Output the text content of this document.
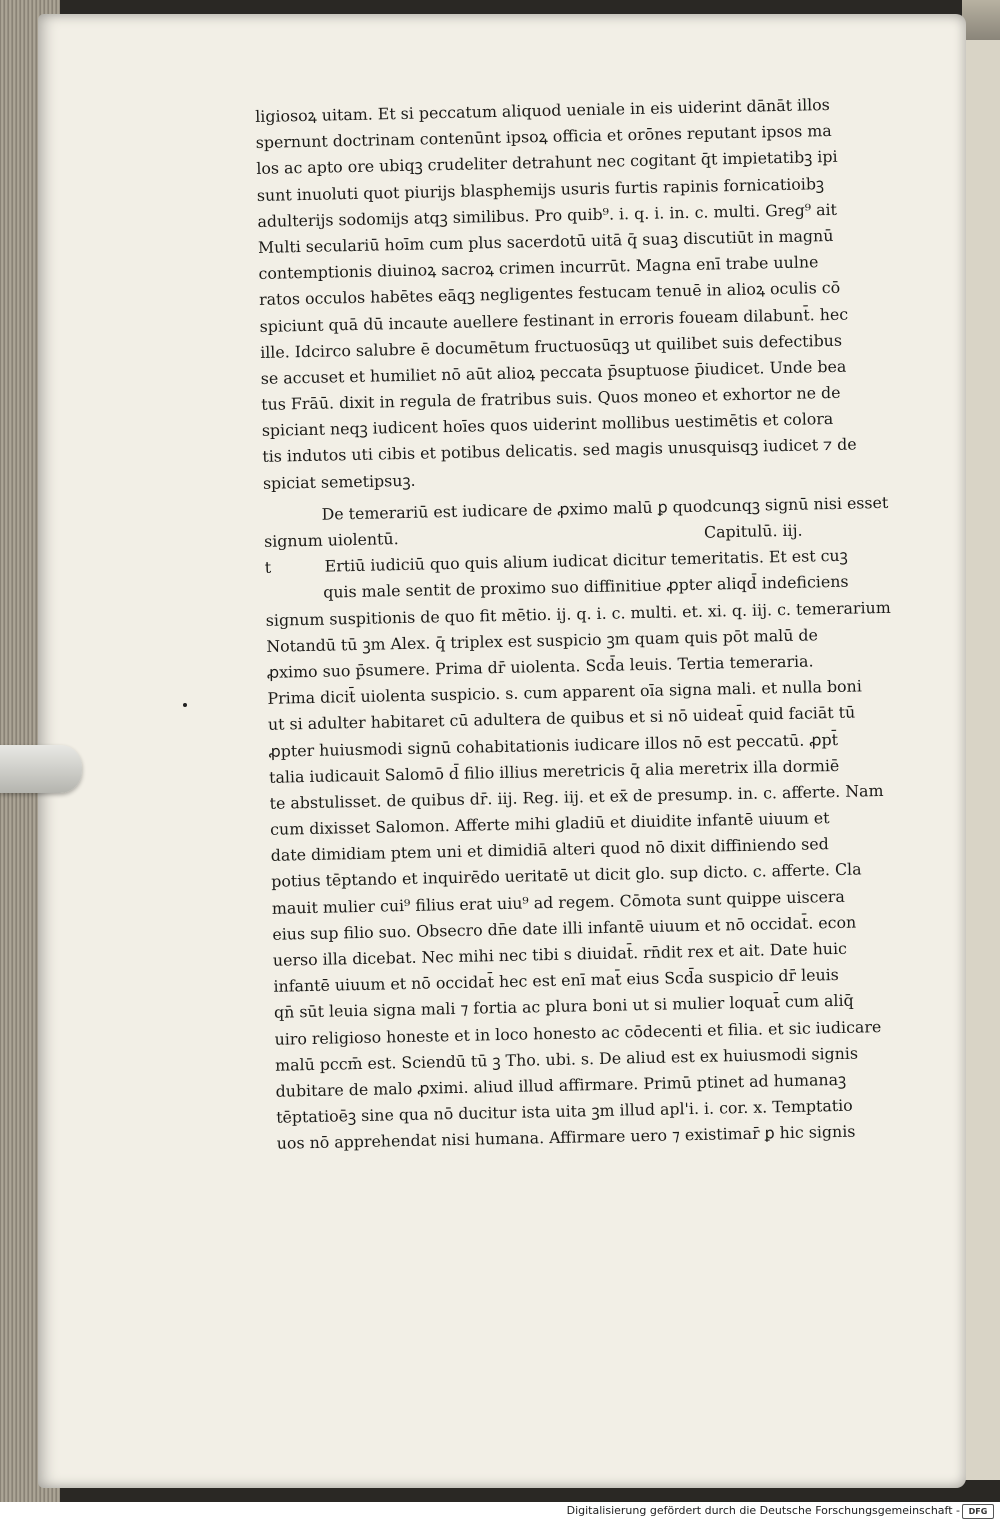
ligiosoꝝ uitam. Et si peccatum aliquod ueniale in eis uiderint dānāt illos
spernunt doctrinam contenūnt ipsoꝝ officia et orōnes reputant ipsos ma
los ac apto ore ubiqꝫ crudeliter detrahunt nec cogitant q̄t impietatibꝫ ipi
sunt inuoluti quot piurijs blasphemijs usuris furtis rapinis fornicatioibꝫ
adulterijs sodomijs atqꝫ similibus. Pro quib⁹. i. q. i. in. c. multi. Greg⁹ ait
Multi seculariū hoīm cum plus sacerdotū uitā q̄ suaꝫ discutiūt in magnū
contemptionis diuinoꝝ sacroꝝ crimen incurrūt. Magna enī trabe uulne
ratos occulos habētes eāqꝫ negligentes festucam tenuē in alioꝝ oculis cō
spiciunt quā dū incaute auellere festinant in erroris foueam dilabunt̄. hec
ille. Idcirco salubre ē documētum fructuosūqꝫ ut quilibet suis defectibus
se accuset et humiliet nō aūt alioꝝ peccata p̄suptuose p̄iudicet. Unde bea
tus Frāū. dixit in regula de fratribus suis. Quos moneo et exhortor ne de
spiciant neqꝫ iudicent hoīes quos uiderint mollibus uestimētis et colora
tis indutos uti cibis et potibus delicatis. sed magis unusquisqꝫ iudicet ⁊ de
spiciat semetipsuꝫ.
De temerariū est iudicare de ꝓximo malū ꝑ quodcunqꝫ signū nisi esset
signum uiolentū.	Capitulū. iij.
t	Ertiū iudiciū quo quis alium iudicat dicitur temeritatis. Et est cuꝫ
quis male sentit de proximo suo diffinitiue ꝓpter aliqd̄ indeficiens
signum suspitionis de quo fit mētio. ij. q. i. c. multi. et. xi. q. iij. c. temerarium
Notandū tū ꝫm Alex. q̄ triplex est suspicio ꝫm quam quis pōt malū de
ꝓximo suo p̄sumere. Prima dr̄ uiolenta. Scd̄a leuis. Tertia temeraria.
Prima dicit̄ uiolenta suspicio. s. cum apparent oīa signa mali. et nulla boni
ut si adulter habitaret cū adultera de quibus et si nō uideat̄ quid faciāt tū
ꝓpter huiusmodi signū cohabitationis iudicare illos nō est peccatū. ꝓpt̄
talia iudicauit Salomō d̄ filio illius meretricis q̄ alia meretrix illa dormiē
te abstulisset. de quibus dr̄. iij. Reg. iij. et ex̄ de presump. in. c. afferte. Nam
cum dixisset Salomon. Afferte mihi gladiū et diuidite infantē uiuum et
date dimidiam ptem uni et dimidiā alteri quod nō dixit diffiniendo sed
potius tēptando et inquirēdo ueritatē ut dicit glo. sup dicto. c. afferte. Cla
mauit mulier cui⁹ filius erat uiu⁹ ad regem. Cōmota sunt quippe uiscera
eius sup filio suo. Obsecro dn̄e date illi infantē uiuum et nō occidat̄. econ
uerso illa dicebat. Nec mihi nec tibi s diuidat̄. rn̄dit rex et ait. Date huic
infantē uiuum et nō occidat̄ hec est enī mat̄ eius Scd̄a suspicio dr̄ leuis
qn̄ sūt leuia signa mali ⁊ fortia ac plura boni ut si mulier loquat̄ cum aliq̄
uiro religioso honeste et in loco honesto ac cōdecenti et filia. et sic iudicare
malū pccm̄ est. Sciendū tū ꝫ Tho. ubi. s. De aliud est ex huiusmodi signis
dubitare de malo ꝓximi. aliud illud affirmare. Primū ptinet ad humanaꝫ
tēptatioēꝫ sine qua nō ducitur ista uita ꝫm illud apl'i. i. cor. x. Temptatio
uos nō apprehendat nisi humana. Affirmare uero ⁊ existimar̄ ꝑ hic signis
Digitalisierung gefördert durch die Deutsche Forschungsgemeinschaft -	DFG
